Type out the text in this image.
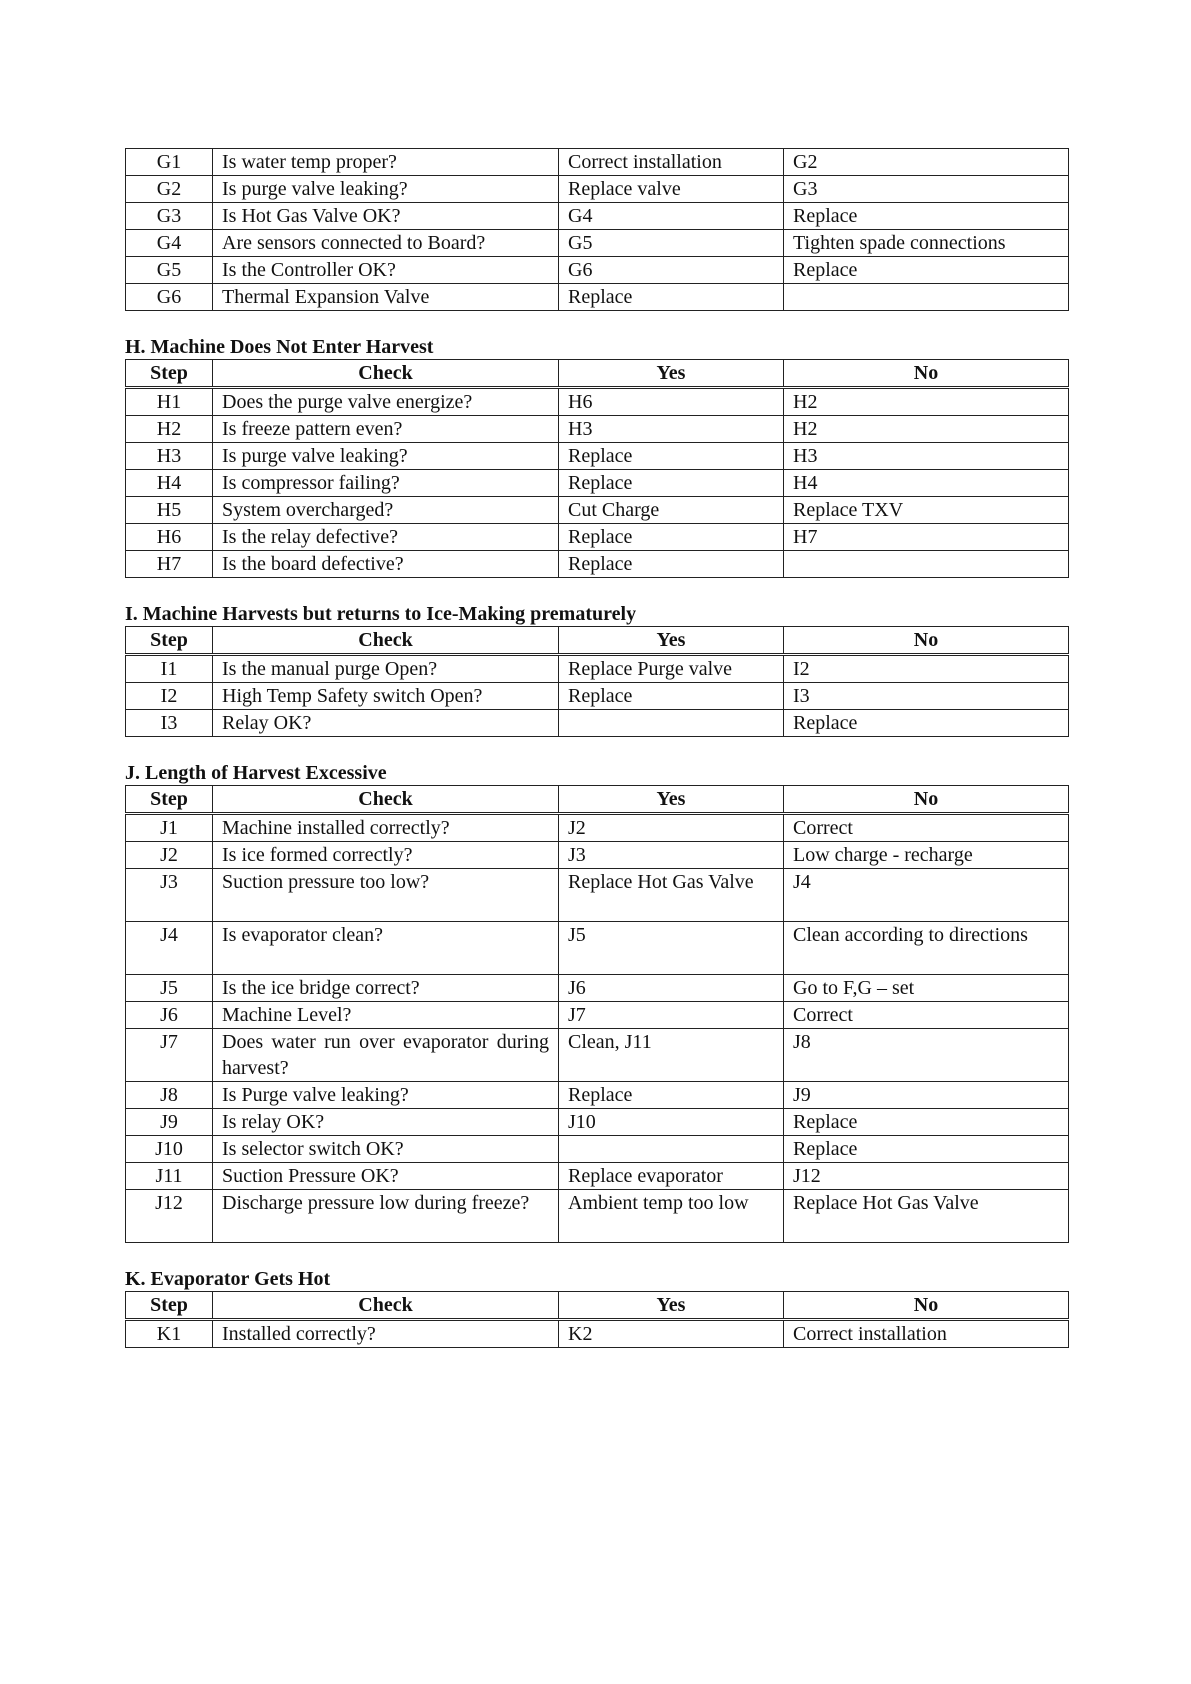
G1	Is water temp proper?	Correct installation	G2
G2	Is purge valve leaking?	Replace valve	G3
G3	Is Hot Gas Valve OK?	G4	Replace
G4	Are sensors connected to Board?	G5	Tighten spade connections
G5	Is the Controller OK?	G6	Replace
G6	Thermal Expansion Valve	Replace	
H. Machine Does Not Enter Harvest
Step	Check	Yes	No
H1	Does the purge valve energize?	H6	H2
H2	Is freeze pattern even?	H3	H2
H3	Is purge valve leaking?	Replace	H3
H4	Is compressor failing?	Replace	H4
H5	System overcharged?	Cut Charge	Replace TXV
H6	Is the relay defective?	Replace	H7
H7	Is the board defective?	Replace	
I. Machine Harvests but returns to Ice-Making prematurely
Step	Check	Yes	No
I1	Is the manual purge Open?	Replace Purge valve	I2
I2	High Temp Safety switch Open?	Replace	I3
I3	Relay OK?		Replace
J. Length of Harvest Excessive
Step	Check	Yes	No
J1	Machine installed correctly?	J2	Correct
J2	Is ice formed correctly?	J3	Low charge - recharge
J3	Suction pressure too low?	Replace Hot Gas Valve	J4
J4	Is evaporator clean?	J5	Clean according to directions
J5	Is the ice bridge correct?	J6	Go to F,G – set
J6	Machine Level?	J7	Correct
J7	Does water run over evaporator during harvest?	Clean, J11	J8
J8	Is Purge valve leaking?	Replace	J9
J9	Is relay OK?	J10	Replace
J10	Is selector switch OK?		Replace
J11	Suction Pressure OK?	Replace evaporator	J12
J12	Discharge pressure low during freeze?	Ambient temp too low	Replace Hot Gas Valve
K. Evaporator Gets Hot
Step	Check	Yes	No
K1	Installed correctly?	K2	Correct installation
